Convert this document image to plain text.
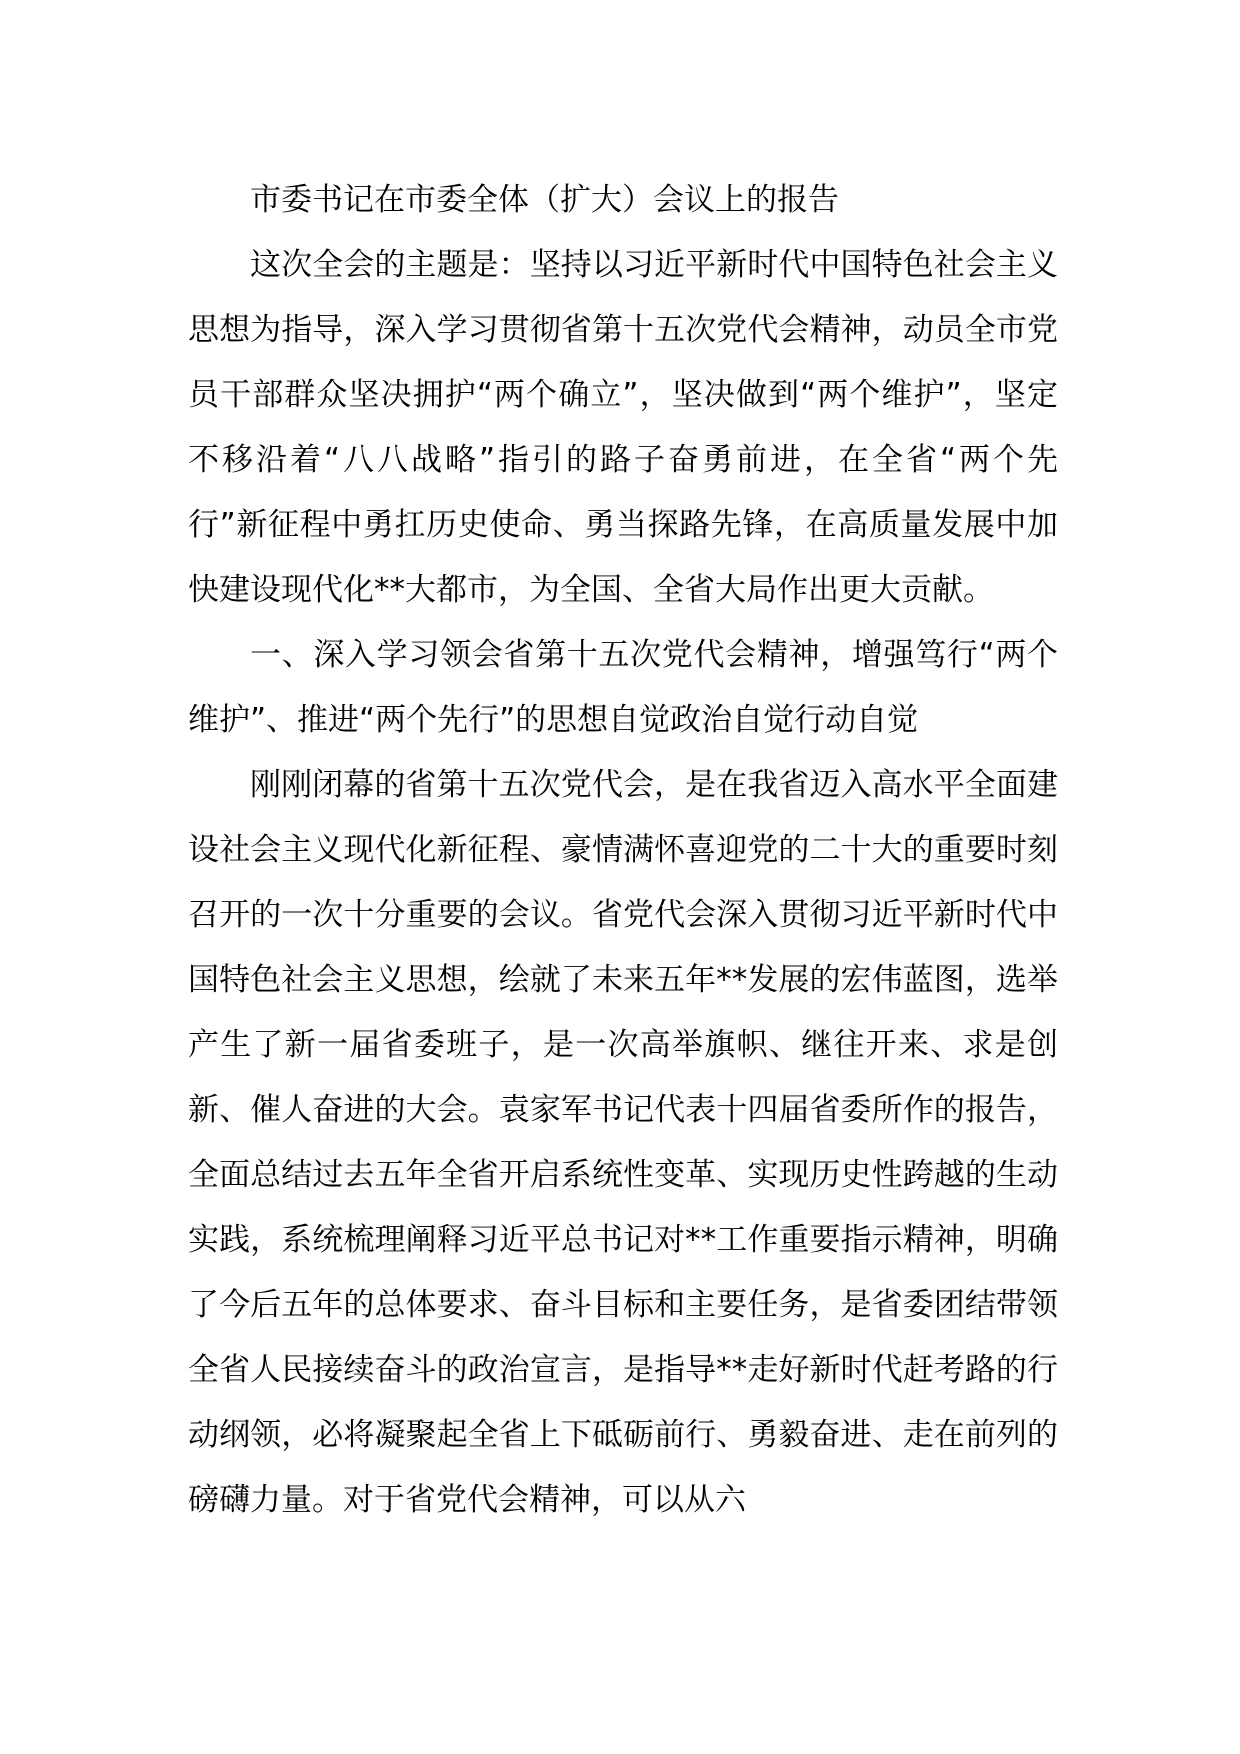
市委书记在市委全体（扩大）会议上的报告

这次全会的主题是：坚持以习近平新时代中国特色社会主义思想为指导，深入学习贯彻省第十五次党代会精神，动员全市党员干部群众坚决拥护“两个确立”，坚决做到“两个维护”，坚定不移沿着“八八战略”指引的路子奋勇前进，在全省“两个先行”新征程中勇扛历史使命、勇当探路先锋，在高质量发展中加快建设现代化**大都市，为全国、全省大局作出更大贡献。

一、深入学习领会省第十五次党代会精神，增强笃行“两个维护”、推进“两个先行”的思想自觉政治自觉行动自觉

刚刚闭幕的省第十五次党代会，是在我省迈入高水平全面建设社会主义现代化新征程、豪情满怀喜迎党的二十大的重要时刻召开的一次十分重要的会议。省党代会深入贯彻习近平新时代中国特色社会主义思想，绘就了未来五年**发展的宏伟蓝图，选举产生了新一届省委班子，是一次高举旗帜、继往开来、求是创新、催人奋进的大会。袁家军书记代表十四届省委所作的报告，全面总结过去五年全省开启系统性变革、实现历史性跨越的生动实践，系统梳理阐释习近平总书记对**工作重要指示精神，明确了今后五年的总体要求、奋斗目标和主要任务，是省委团结带领全省人民接续奋斗的政治宣言，是指导**走好新时代赶考路的行动纲领，必将凝聚起全省上下砥砺前行、勇毅奋进、走在前列的磅礴力量。对于省党代会精神，可以从六
